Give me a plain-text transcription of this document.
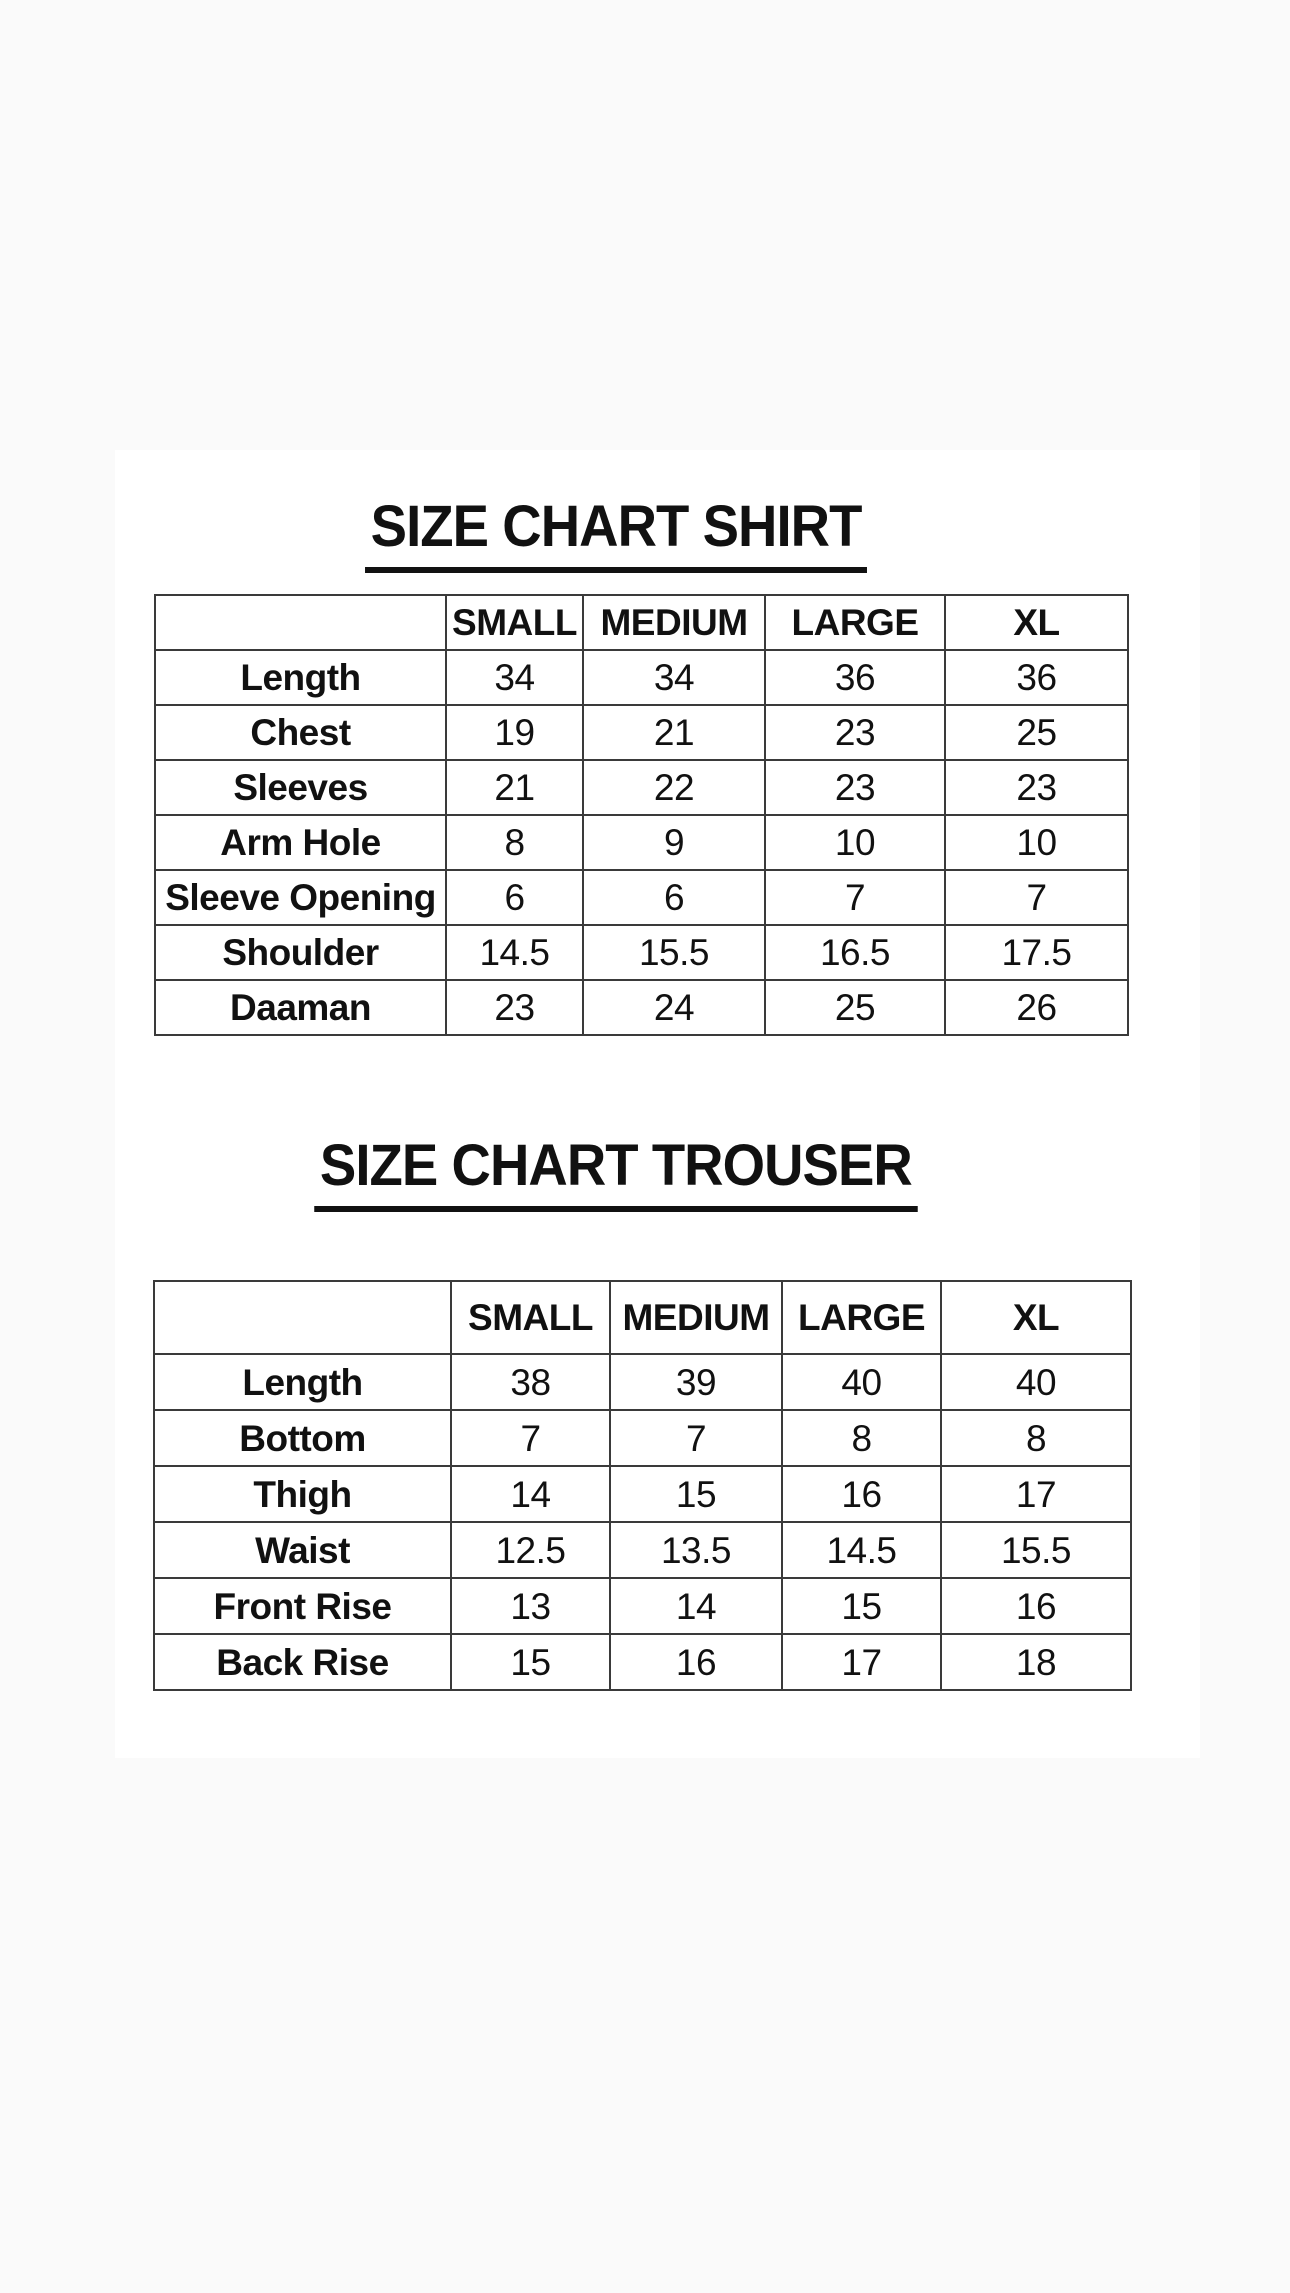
SIZE CHART SHIRT
	SMALL	MEDIUM	LARGE	XL
Length	34	34	36	36
Chest	19	21	23	25
Sleeves	21	22	23	23
Arm Hole	8	9	10	10
Sleeve Opening	6	6	7	7
Shoulder	14.5	15.5	16.5	17.5
Daaman	23	24	25	26
SIZE CHART TROUSER
	SMALL	MEDIUM	LARGE	XL
Length	38	39	40	40
Bottom	7	7	8	8
Thigh	14	15	16	17
Waist	12.5	13.5	14.5	15.5
Front Rise	13	14	15	16
Back Rise	15	16	17	18
